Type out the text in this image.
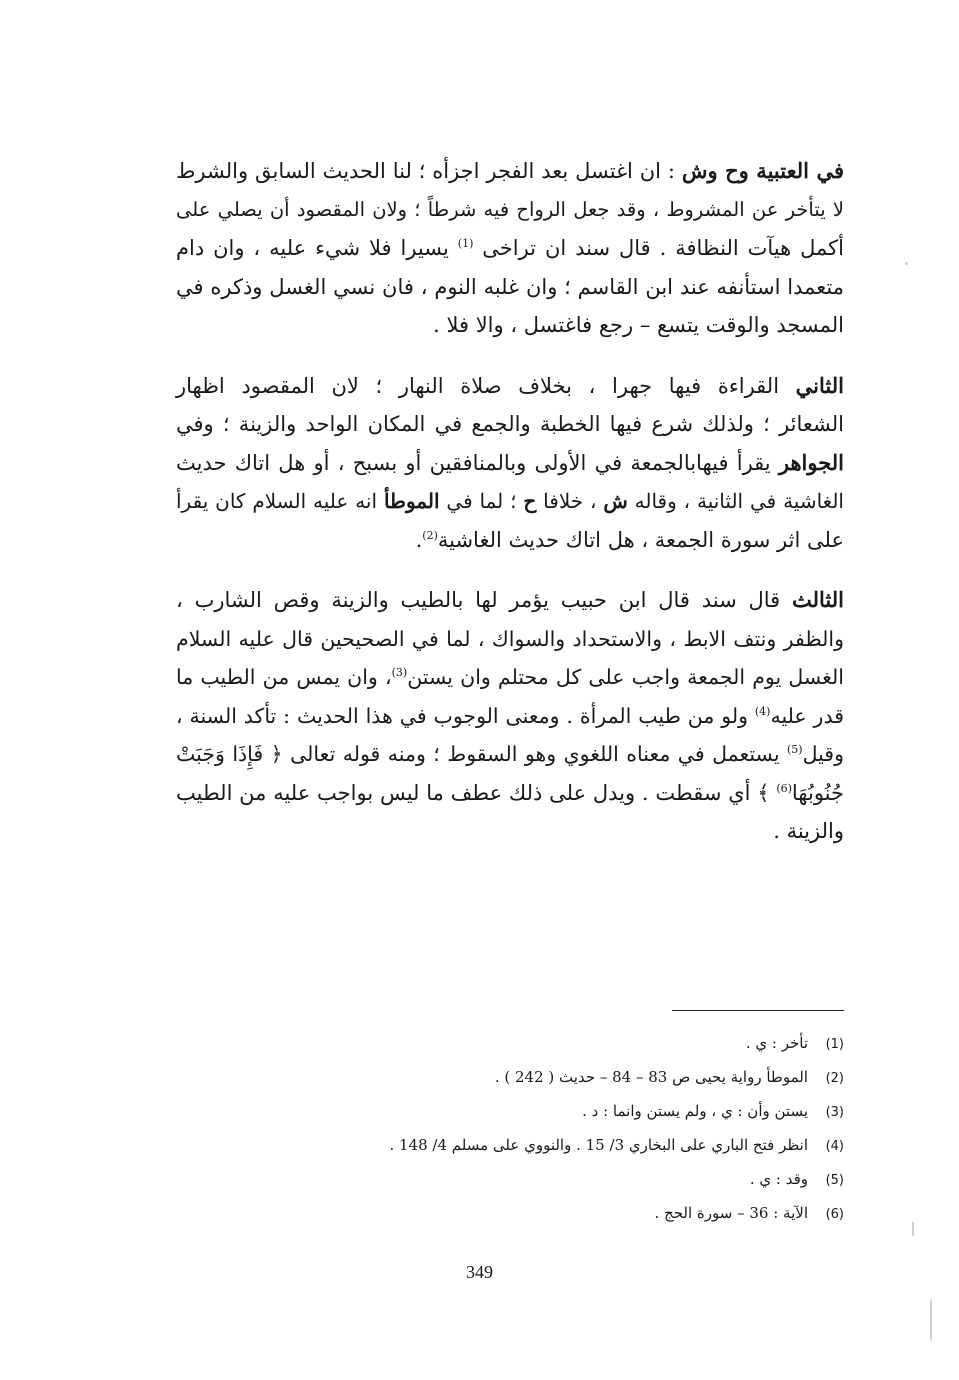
في العتبية وح وش : ان اغتسل بعد الفجر اجزأه ؛ لنا الحديث السابق والشرط
لا يتأخر عن المشروط ، وقد جعل الرواح فيه شرطاً ؛ ولان المقصود أن يصلي على
أكمل هيآت النظافة . قال سند ان تراخى $^{(1)}$ يسيرا فلا شيء عليه ، وان دام
متعمدا استأنفه عند ابن القاسم ؛ وان غلبه النوم ، فان نسي الغسل وذكره في
المسجد والوقت يتسع – رجع فاغتسل ، والا فلا .
الثاني القراءة فيها جهرا ، بخلاف صلاة النهار ؛ لان المقصود اظهار
الشعائر ؛ ولذلك شرع فيها الخطبة والجمع في المكان الواحد والزينة ؛ وفي
الجواهر يقرأ فيهابالجمعة في الأولى وبالمنافقين أو بسبح ، أو هل اتاك حديث
الغاشية في الثانية ، وقاله ش ، خلافا ح ؛ لما في الموطأ انه عليه السلام كان يقرأ
على اثر سورة الجمعة ، هل اتاك حديث الغاشية$^{(2)}$.
الثالث قال سند قال ابن حبيب يؤمر لها بالطيب والزينة وقص الشارب ،
والظفر ونتف الابط ، والاستحداد والسواك ، لما في الصحيحين قال عليه السلام
الغسل يوم الجمعة واجب على كل محتلم وان يستن$^{(3)}$، وان يمس من الطيب ما
قدر عليه$^{(4)}$ ولو من طيب المرأة . ومعنى الوجوب في هذا الحديث : تأكد السنة ،
وقيل$^{(5)}$ يستعمل في معناه اللغوي وهو السقوط ؛ ومنه قوله تعالى ﴿ فَإِذَا وَجَبَتْ
جُنُوبُهَا$^{(6)}$ ﴾ أي سقطت . ويدل على ذلك عطف ما ليس بواجب عليه من الطيب
والزينة .
(1)تأخر : ي .
(2)الموطأ رواية يحيى ص 83 – 84 – حديث ( 242 ) .
(3)يستن وأن : ي ، ولم يستن وانما : د .
(4)انظر فتح الباري على البخاري 3/ 15 . والنووي على مسلم 4/ 148 .
(5)وقد : ي .
(6)الآية : 36 – سورة الحج .
349
